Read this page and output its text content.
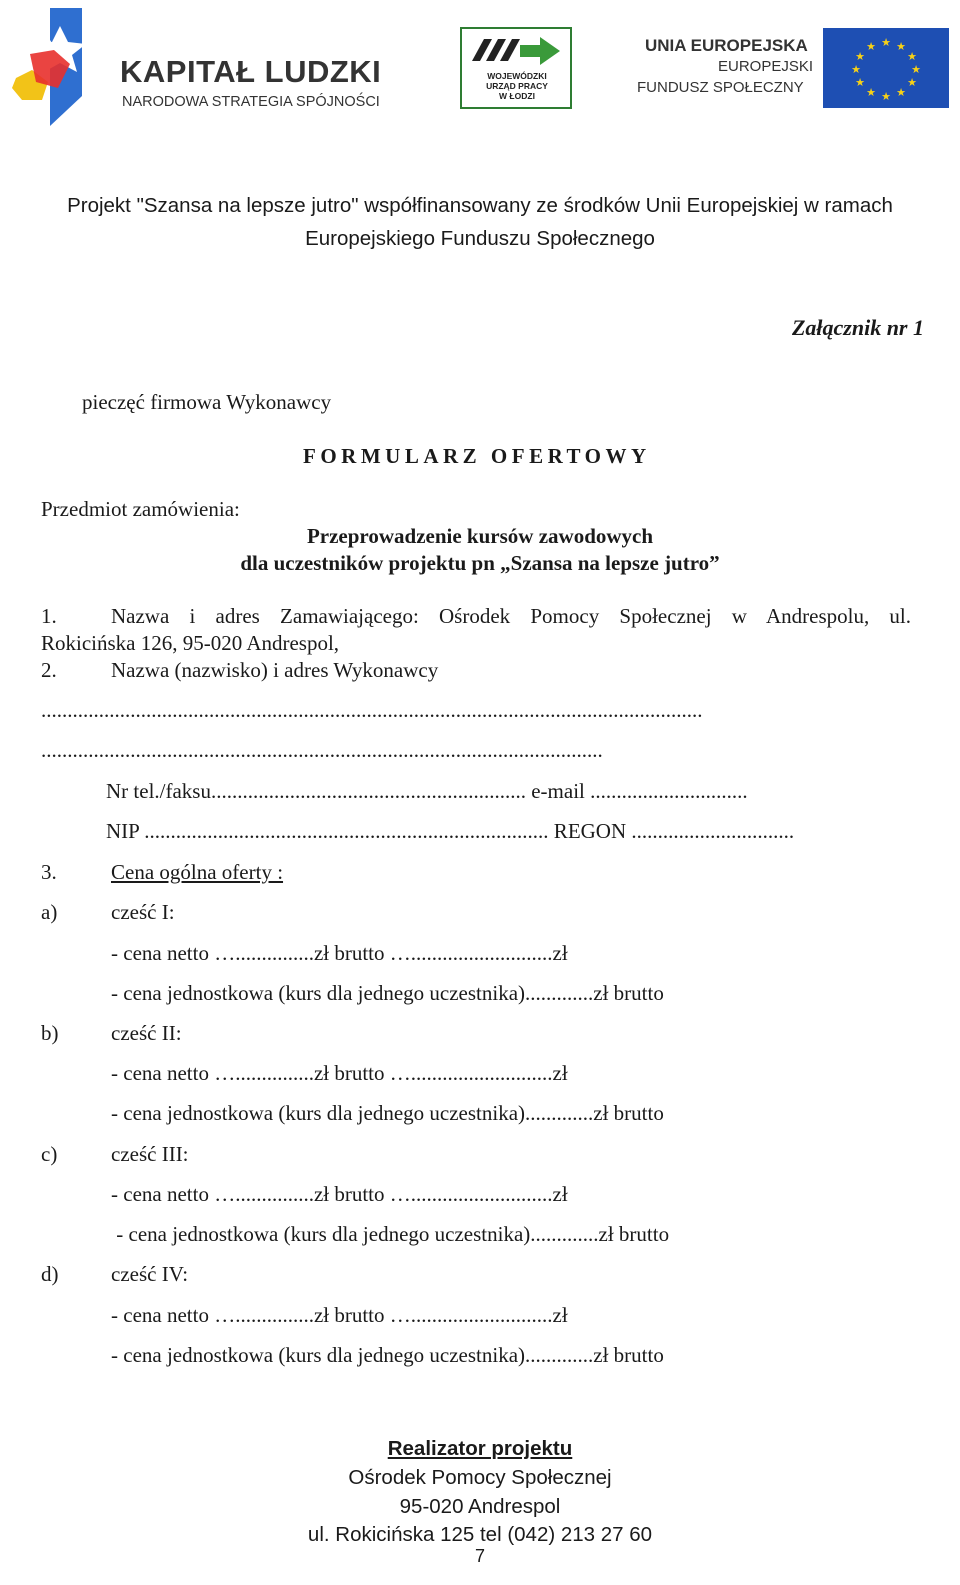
KAPITAŁ LUDZKI
NARODOWA STRATEGIA SPÓJNOŚCI
WOJEWÓDZKI
URZĄD PRACY
W ŁODZI
UNIA EUROPEJSKA
EUROPEJSKI
FUNDUSZ SPOŁECZNY
★ ★
★
★
★
★
★
★
★
★
★
★
Projekt "Szansa na lepsze jutro" współfinansowany ze środków Unii Europejskiej w ramach
Europejskiego Funduszu Społecznego
Załącznik nr 1
pieczęć firmowa Wykonawcy
FORMULARZ OFERTOWY
Przedmiot zamówienia:
Przeprowadzenie kursów zawodowych
dla uczestników projektu pn „Szansa na lepsze jutro”
1.	Nazwa i adres Zamawiającego: Ośrodek Pomocy Społecznej w Andrespolu, ul.
Rokicińska 126, 95-020 Andrespol,
2.	Nazwa (nazwisko) i adres Wykonawcy
..............................................................................................................................
...........................................................................................................
Nr tel./faksu............................................................ e-mail ..............................
NIP ............................................................................. REGON ...............................
3.	Cena ogólna oferty :
a)	cześć I:
- cena netto …...............zł brutto …...........................zł
- cena jednostkowa (kurs dla jednego uczestnika).............zł brutto
b)	cześć II:
- cena netto …...............zł brutto …...........................zł
- cena jednostkowa (kurs dla jednego uczestnika).............zł brutto
c)	cześć III:
- cena netto …...............zł brutto …...........................zł
- cena jednostkowa (kurs dla jednego uczestnika).............zł brutto
d)	cześć IV:
- cena netto …...............zł brutto …...........................zł
- cena jednostkowa (kurs dla jednego uczestnika).............zł brutto
Realizator projektu
Ośrodek Pomocy Społecznej
95-020 Andrespol
ul. Rokicińska 125 tel (042) 213 27 60
7
